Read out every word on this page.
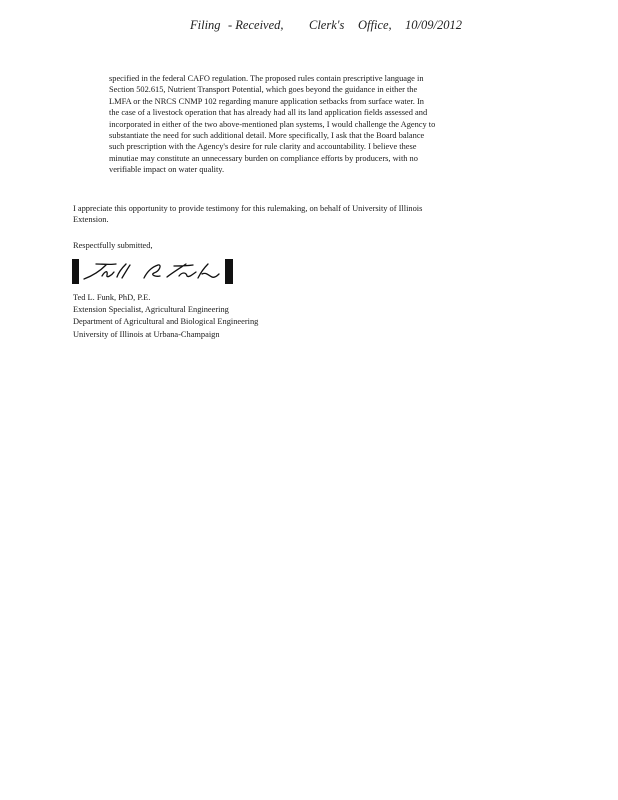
Filing - Received, Clerk's Office, 10/09/2012
specified in the federal CAFO regulation. The proposed rules contain prescriptive language in
Section 502.615, Nutrient Transport Potential, which goes beyond the guidance in either the
LMFA or the NRCS CNMP 102 regarding manure application setbacks from surface water. In
the case of a livestock operation that has already had all its land application fields assessed and
incorporated in either of the two above-mentioned plan systems, I would challenge the Agency to
substantiate the need for such additional detail. More specifically, I ask that the Board balance
such prescription with the Agency's desire for rule clarity and accountability. I believe these
minutiae may constitute an unnecessary burden on compliance efforts by producers, with no
verifiable impact on water quality.
I appreciate this opportunity to provide testimony for this rulemaking, on behalf of University of Illinois
Extension.
Respectfully submitted,
Ted L. Funk, PhD, P.E.
Extension Specialist, Agricultural Engineering
Department of Agricultural and Biological Engineering
University of Illinois at Urbana-Champaign
